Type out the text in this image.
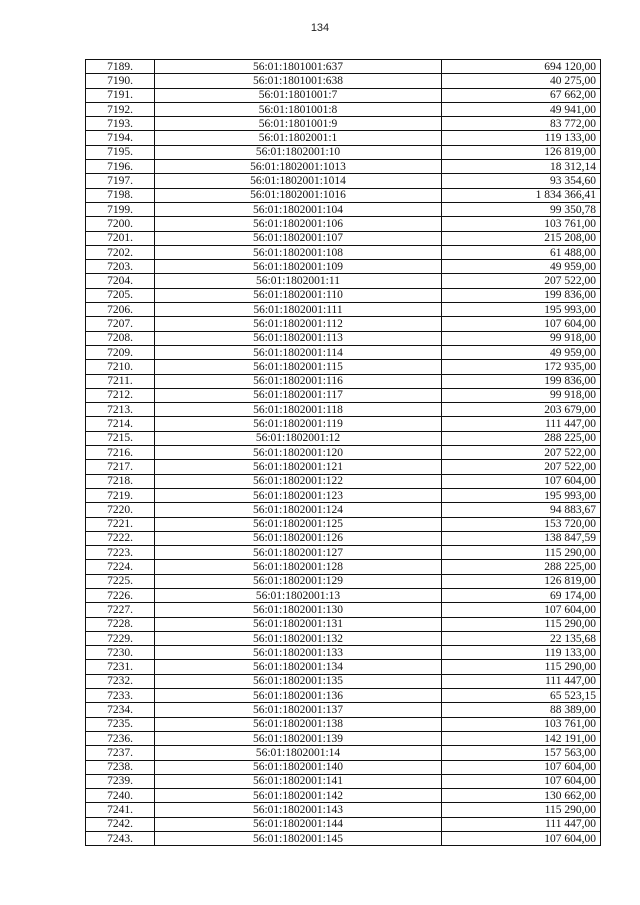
134
7189.	56:01:1801001:637	694 120,00
7190.	56:01:1801001:638	40 275,00
7191.	56:01:1801001:7	67 662,00
7192.	56:01:1801001:8	49 941,00
7193.	56:01:1801001:9	83 772,00
7194.	56:01:1802001:1	119 133,00
7195.	56:01:1802001:10	126 819,00
7196.	56:01:1802001:1013	18 312,14
7197.	56:01:1802001:1014	93 354,60
7198.	56:01:1802001:1016	1 834 366,41
7199.	56:01:1802001:104	99 350,78
7200.	56:01:1802001:106	103 761,00
7201.	56:01:1802001:107	215 208,00
7202.	56:01:1802001:108	61 488,00
7203.	56:01:1802001:109	49 959,00
7204.	56:01:1802001:11	207 522,00
7205.	56:01:1802001:110	199 836,00
7206.	56:01:1802001:111	195 993,00
7207.	56:01:1802001:112	107 604,00
7208.	56:01:1802001:113	99 918,00
7209.	56:01:1802001:114	49 959,00
7210.	56:01:1802001:115	172 935,00
7211.	56:01:1802001:116	199 836,00
7212.	56:01:1802001:117	99 918,00
7213.	56:01:1802001:118	203 679,00
7214.	56:01:1802001:119	111 447,00
7215.	56:01:1802001:12	288 225,00
7216.	56:01:1802001:120	207 522,00
7217.	56:01:1802001:121	207 522,00
7218.	56:01:1802001:122	107 604,00
7219.	56:01:1802001:123	195 993,00
7220.	56:01:1802001:124	94 883,67
7221.	56:01:1802001:125	153 720,00
7222.	56:01:1802001:126	138 847,59
7223.	56:01:1802001:127	115 290,00
7224.	56:01:1802001:128	288 225,00
7225.	56:01:1802001:129	126 819,00
7226.	56:01:1802001:13	69 174,00
7227.	56:01:1802001:130	107 604,00
7228.	56:01:1802001:131	115 290,00
7229.	56:01:1802001:132	22 135,68
7230.	56:01:1802001:133	119 133,00
7231.	56:01:1802001:134	115 290,00
7232.	56:01:1802001:135	111 447,00
7233.	56:01:1802001:136	65 523,15
7234.	56:01:1802001:137	88 389,00
7235.	56:01:1802001:138	103 761,00
7236.	56:01:1802001:139	142 191,00
7237.	56:01:1802001:14	157 563,00
7238.	56:01:1802001:140	107 604,00
7239.	56:01:1802001:141	107 604,00
7240.	56:01:1802001:142	130 662,00
7241.	56:01:1802001:143	115 290,00
7242.	56:01:1802001:144	111 447,00
7243.	56:01:1802001:145	107 604,00
